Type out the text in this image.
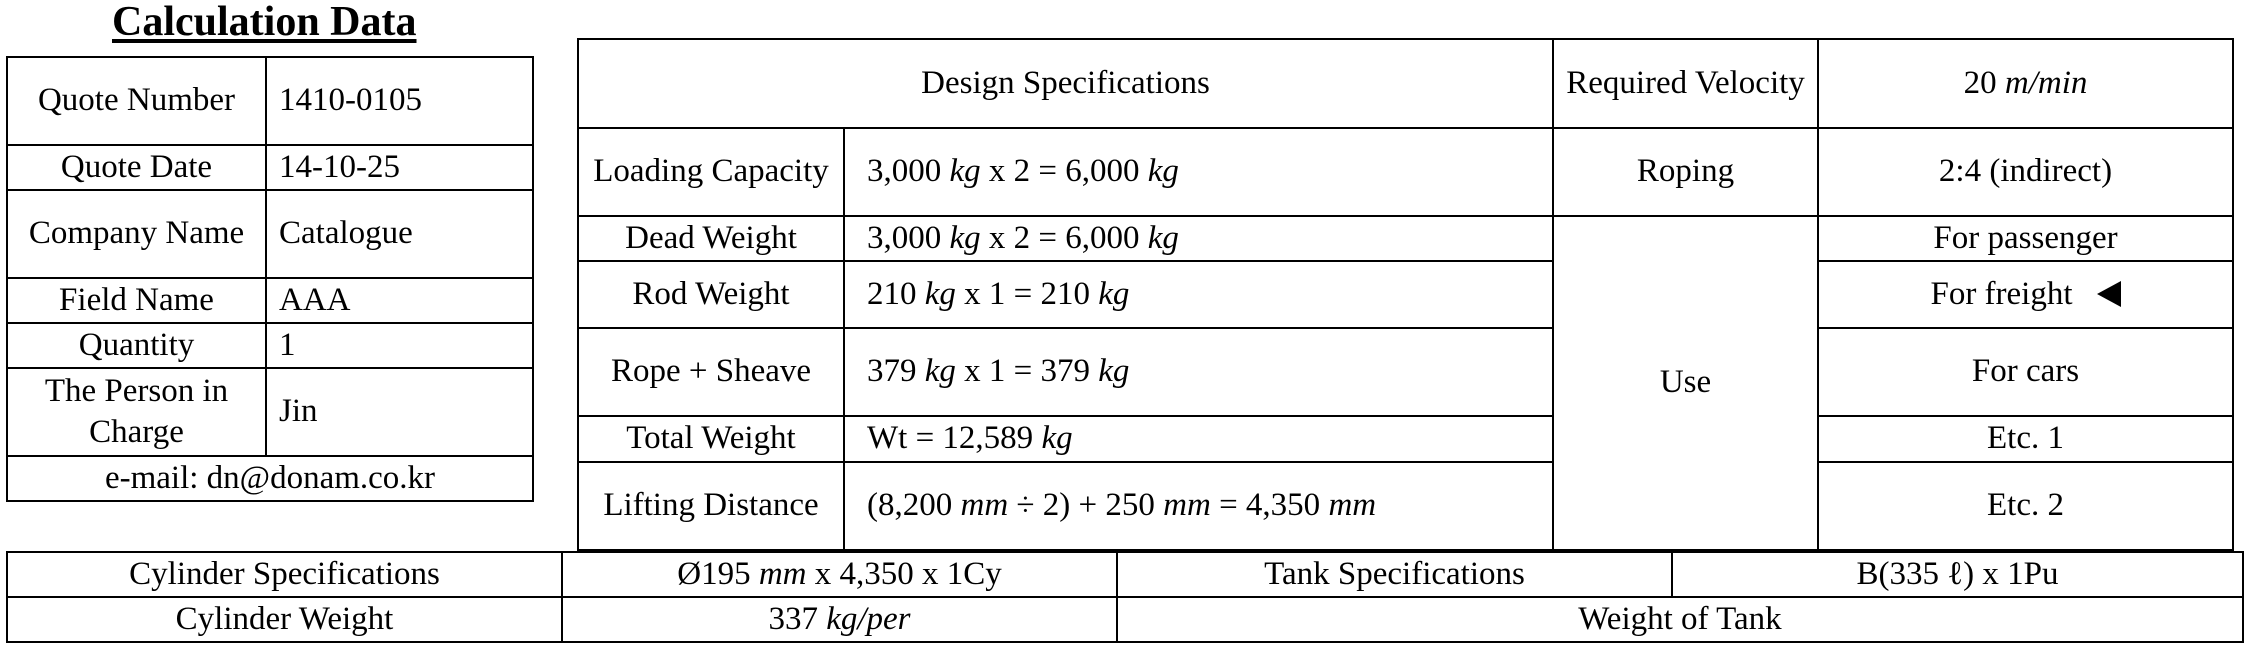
Calculation Data
Quote Number	1410-0105
Quote Date	14-10-25
Company Name	Catalogue
Field Name	AAA
Quantity	1
The Person in Charge	Jin
e-mail: dn@donam.co.kr	
Design Specifications		Required Velocity	20 m/min
Loading Capacity	3,000 kg x 2 = 6,000 kg	Roping	2:4 (indirect)
Dead Weight	3,000 kg x 2 = 6,000 kg	Use	For passenger
Rod Weight	210 kg x 1 = 210 kg		For freight
Rope + Sheave	379 kg x 1 = 379 kg		For cars
Total Weight	Wt = 12,589 kg		Etc. 1
Lifting Distance	(8,200 mm ÷ 2) + 250 mm = 4,350 mm		Etc. 2
Cylinder Specifications	Ø195 mm x 4,350 x 1Cy	Tank Specifications	B(335 ℓ) x 1Pu
Cylinder Weight	337 kg/per	Weight of Tank	
